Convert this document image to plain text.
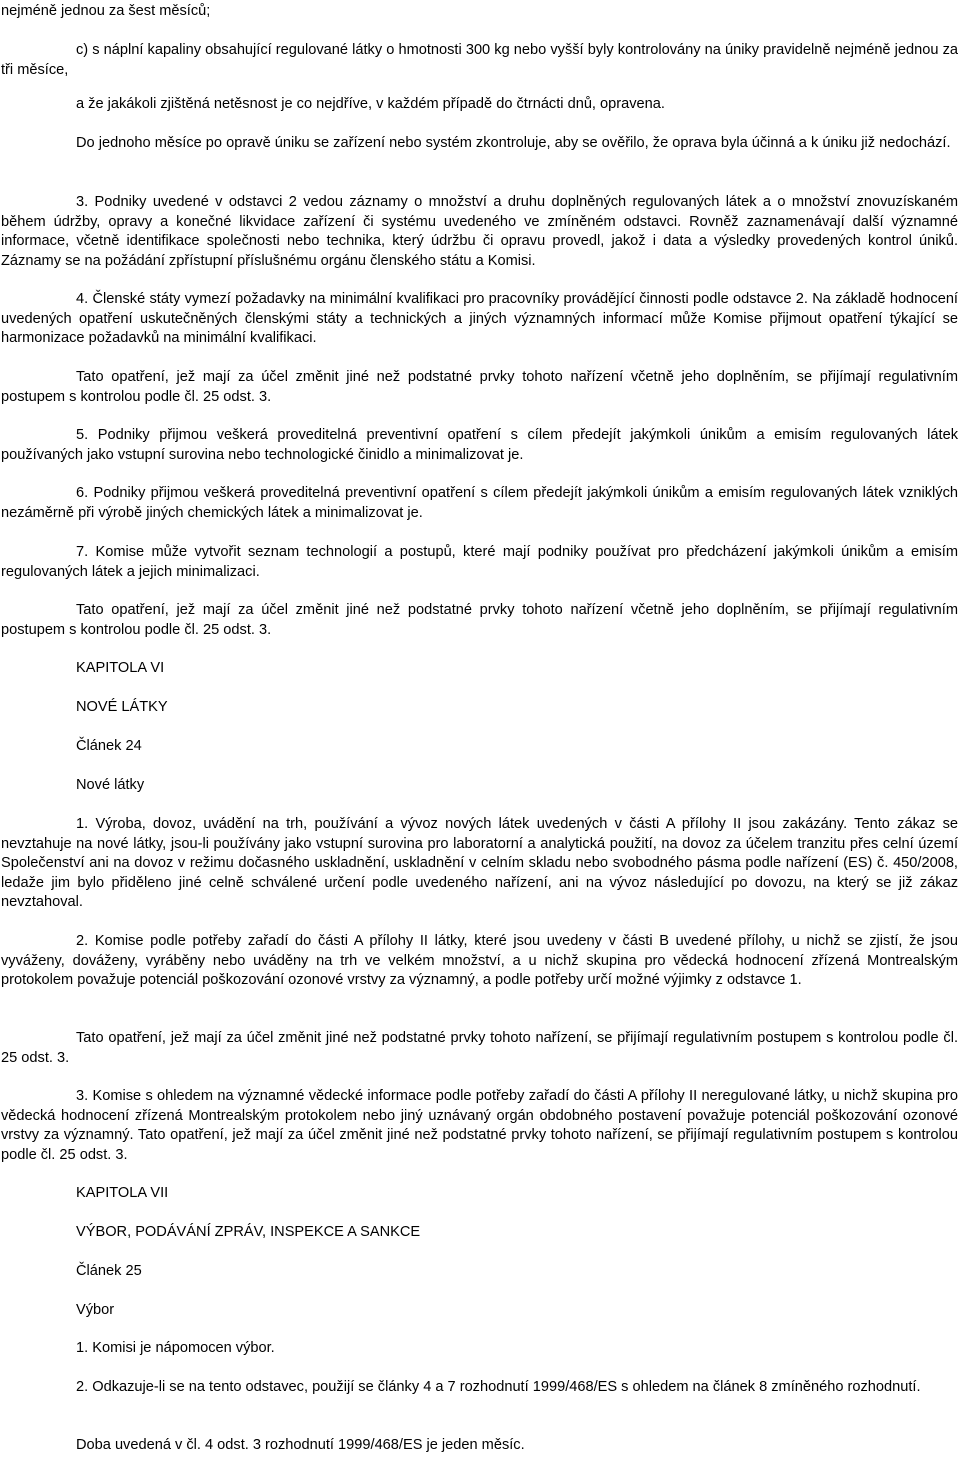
nejméně jednou za šest měsíců;

c) s náplní kapaliny obsahující regulované látky o hmotnosti 300 kg nebo vyšší byly kontrolovány na úniky pravidelně nejméně jednou za tři měsíce,

a že jakákoli zjištěná netěsnost je co nejdříve, v každém případě do čtrnácti dnů, opravena.

Do jednoho měsíce po opravě úniku se zařízení nebo systém zkontroluje, aby se ověřilo, že oprava byla účinná a k úniku již nedochází.

3. Podniky uvedené v odstavci 2 vedou záznamy o množství a druhu doplněných regulovaných látek a o množství znovuzískaném během údržby, opravy a konečné likvidace zařízení či systému uvedeného ve zmíněném odstavci. Rovněž zaznamenávají další významné informace, včetně identifikace společnosti nebo technika, který údržbu či opravu provedl, jakož i data a výsledky provedených kontrol úniků. Záznamy se na požádání zpřístupní příslušnému orgánu členského státu a Komisi.

4. Členské státy vymezí požadavky na minimální kvalifikaci pro pracovníky provádějící činnosti podle odstavce 2. Na základě hodnocení uvedených opatření uskutečněných členskými státy a technických a jiných významných informací může Komise přijmout opatření týkající se harmonizace požadavků na minimální kvalifikaci.

Tato opatření, jež mají za účel změnit jiné než podstatné prvky tohoto nařízení včetně jeho doplněním, se přijímají regulativním postupem s kontrolou podle čl. 25 odst. 3.

5. Podniky přijmou veškerá proveditelná preventivní opatření s cílem předejít jakýmkoli únikům a emisím regulovaných látek používaných jako vstupní surovina nebo technologické činidlo a minimalizovat je.

6. Podniky přijmou veškerá proveditelná preventivní opatření s cílem předejít jakýmkoli únikům a emisím regulovaných látek vzniklých nezáměrně při výrobě jiných chemických látek a minimalizovat je.

7. Komise může vytvořit seznam technologií a postupů, které mají podniky používat pro předcházení jakýmkoli únikům a emisím regulovaných látek a jejich minimalizaci.

Tato opatření, jež mají za účel změnit jiné než podstatné prvky tohoto nařízení včetně jeho doplněním, se přijímají regulativním postupem s kontrolou podle čl. 25 odst. 3.

KAPITOLA VI

NOVÉ LÁTKY

Článek 24

Nové látky

1. Výroba, dovoz, uvádění na trh, používání a vývoz nových látek uvedených v části A přílohy II jsou zakázány. Tento zákaz se nevztahuje na nové látky, jsou-li používány jako vstupní surovina pro laboratorní a analytická použití, na dovoz za účelem tranzitu přes celní území Společenství ani na dovoz v režimu dočasného uskladnění, uskladnění v celním skladu nebo svobodného pásma podle nařízení (ES) č. 450/2008, ledaže jim bylo přiděleno jiné celně schválené určení podle uvedeného nařízení, ani na vývoz následující po dovozu, na který se již zákaz nevztahoval.

2. Komise podle potřeby zařadí do části A přílohy II látky, které jsou uvedeny v části B uvedené přílohy, u nichž se zjistí, že jsou vyváženy, dováženy, vyráběny nebo uváděny na trh ve velkém množství, a u nichž skupina pro vědecká hodnocení zřízená Montrealským protokolem považuje potenciál poškozování ozonové vrstvy za významný, a podle potřeby určí možné výjimky z odstavce 1.

Tato opatření, jež mají za účel změnit jiné než podstatné prvky tohoto nařízení, se přijímají regulativním postupem s kontrolou podle čl. 25 odst. 3.

3. Komise s ohledem na významné vědecké informace podle potřeby zařadí do části A přílohy II neregulované látky, u nichž skupina pro vědecká hodnocení zřízená Montrealským protokolem nebo jiný uznávaný orgán obdobného postavení považuje potenciál poškozování ozonové vrstvy za významný. Tato opatření, jež mají za účel změnit jiné než podstatné prvky tohoto nařízení, se přijímají regulativním postupem s kontrolou podle čl. 25 odst. 3.

KAPITOLA VII

VÝBOR, PODÁVÁNÍ ZPRÁV, INSPEKCE A SANKCE

Článek 25

Výbor

1. Komisi je nápomocen výbor.

2. Odkazuje-li se na tento odstavec, použijí se články 4 a 7 rozhodnutí 1999/468/ES s ohledem na článek 8 zmíněného rozhodnutí.

Doba uvedená v čl. 4 odst. 3 rozhodnutí 1999/468/ES je jeden měsíc.
